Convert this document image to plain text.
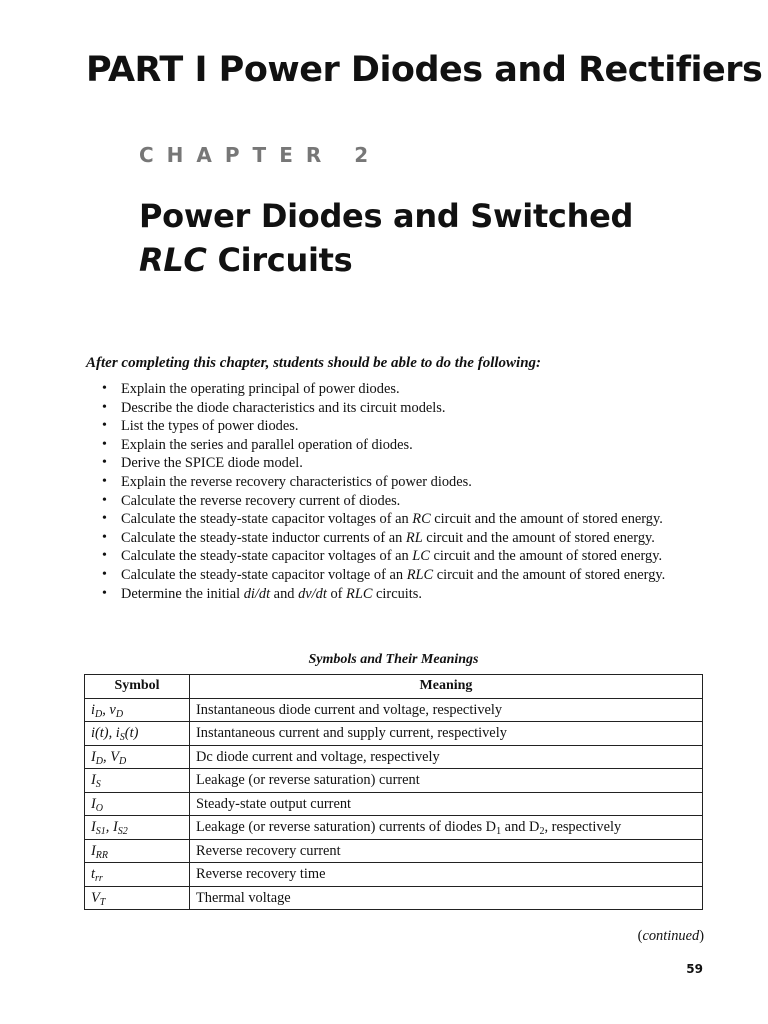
PART I Power Diodes and Rectifiers
CHAPTER 2
Power Diodes and Switched
RLC Circuits
After completing this chapter, students should be able to do the following:
• Explain the operating principal of power diodes.
• Describe the diode characteristics and its circuit models.
• List the types of power diodes.
• Explain the series and parallel operation of diodes.
• Derive the SPICE diode model.
• Explain the reverse recovery characteristics of power diodes.
• Calculate the reverse recovery current of diodes.
• Calculate the steady-state capacitor voltages of an RC circuit and the amount of stored energy.
• Calculate the steady-state inductor currents of an RL circuit and the amount of stored energy.
• Calculate the steady-state capacitor voltages of an LC circuit and the amount of stored energy.
• Calculate the steady-state capacitor voltage of an RLC circuit and the amount of stored energy.
• Determine the initial di/dt and dv/dt of RLC circuits.
Symbols and Their Meanings
Symbol	Meaning
$i_D$, $v_D$	Instantaneous diode current and voltage, respectively
i(t), $i_S(t)$	Instantaneous current and supply current, respectively
$I_D$, $V_D$	Dc diode current and voltage, respectively
$I_S$	Leakage (or reverse saturation) current
$I_O$	Steady-state output current
$I_{S1}$, $I_{S2}$	Leakage (or reverse saturation) currents of diodes $D_1$ and $D_2$, respectively
$I_{RR}$	Reverse recovery current
$t_{rr}$	Reverse recovery time
$V_T$	Thermal voltage
(continued)
59
